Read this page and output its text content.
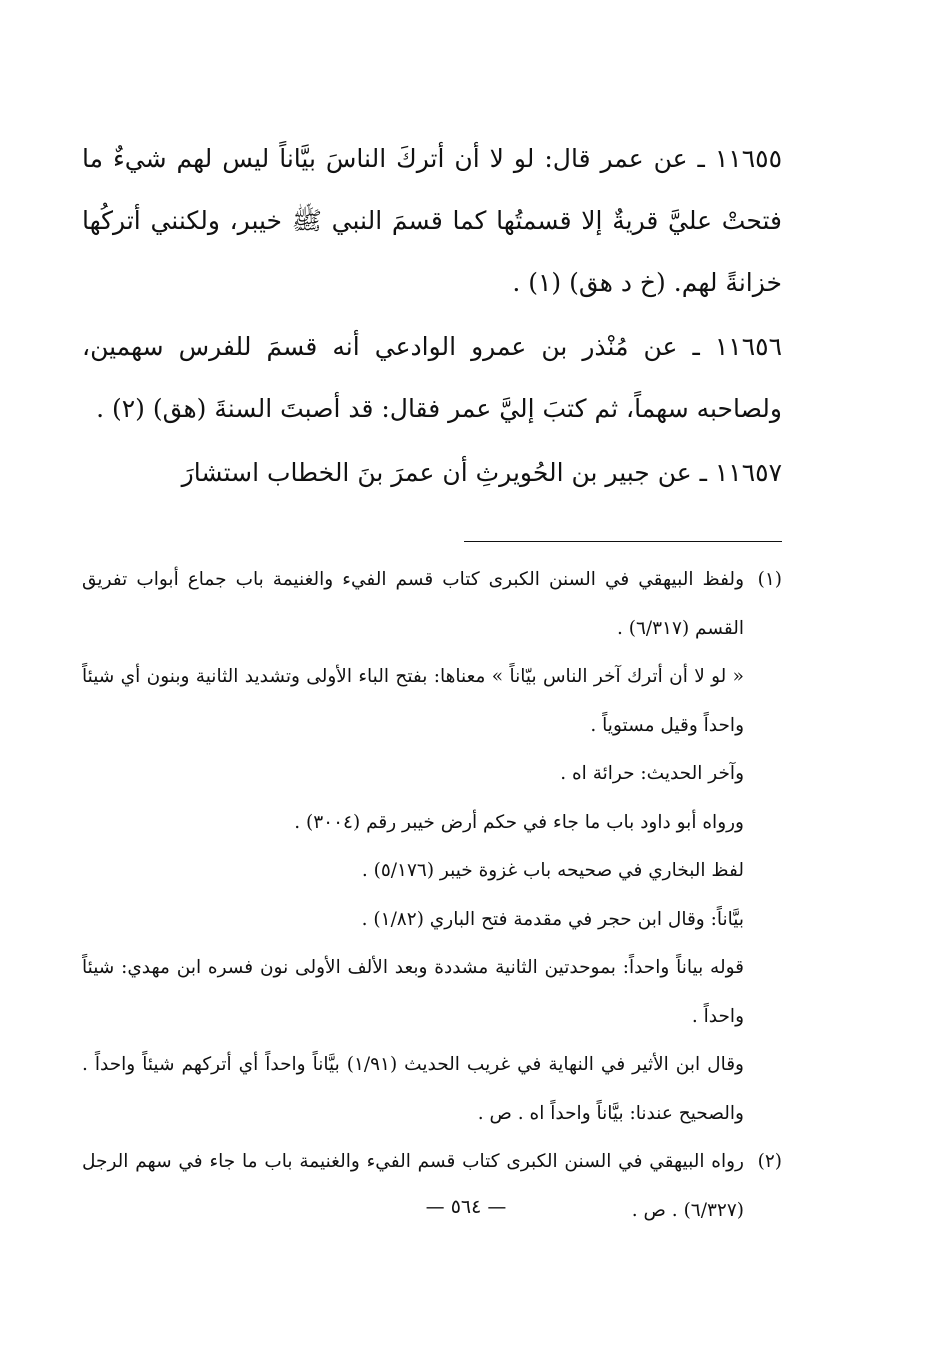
١١٦٥٥ ـ عن عمر قال: لو لا أن أتركَ الناسَ بيَّاناً ليس لهم شيءٌ ما فتحتْ عليَّ قريةٌ إلا قسمتُها كما قسمَ النبي ﷺ خيبر، ولكنني أتركُها خزانةً لهم. (خ د هق) (١) .

١١٦٥٦ ـ عن مُنْذر بن عمرو الوادعي أنه قسمَ للفرس سهمين، ولصاحبه سهماً، ثم كتبَ إليَّ عمر فقال: قد أصبتَ السنةَ (هق) (٢) .

١١٦٥٧ ـ عن جبير بن الحُويرثِ أن عمرَ بنَ الخطاب استشارَ

(١)
ولفظ البيهقي في السنن الكبرى كتاب قسم الفيء والغنيمة باب جماع أبواب تفريق القسم (٦/٣١٧) .
« لو لا أن أترك آخر الناس بيّاناً » معناها: بفتح الباء الأولى وتشديد الثانية وبنون أي شيئاً واحداً وقيل مستوياً .
وآخر الحديث: حرائة اه .
ورواه أبو داود باب ما جاء في حكم أرض خيبر رقم (٣٠٠٤) .
لفظ البخاري في صحيحه باب غزوة خيبر (٥/١٧٦) .
بيَّاناً: وقال ابن حجر في مقدمة فتح الباري (١/٨٢) .
قوله بياناً واحداً: بموحدتين الثانية مشددة وبعد الألف الأولى نون فسره ابن مهدي: شيئاً واحداً .
وقال ابن الأثير في النهاية في غريب الحديث (١/٩١) بيَّاناً واحداً أي أتركهم شيئاً واحداً . والصحيح عندنا: بيَّاناً واحداً اه . ص .
(٢)
رواه البيهقي في السنن الكبرى كتاب قسم الفيء والغنيمة باب ما جاء في سهم الرجل (٦/٣٢٧) . ص .
— ٥٦٤ —
